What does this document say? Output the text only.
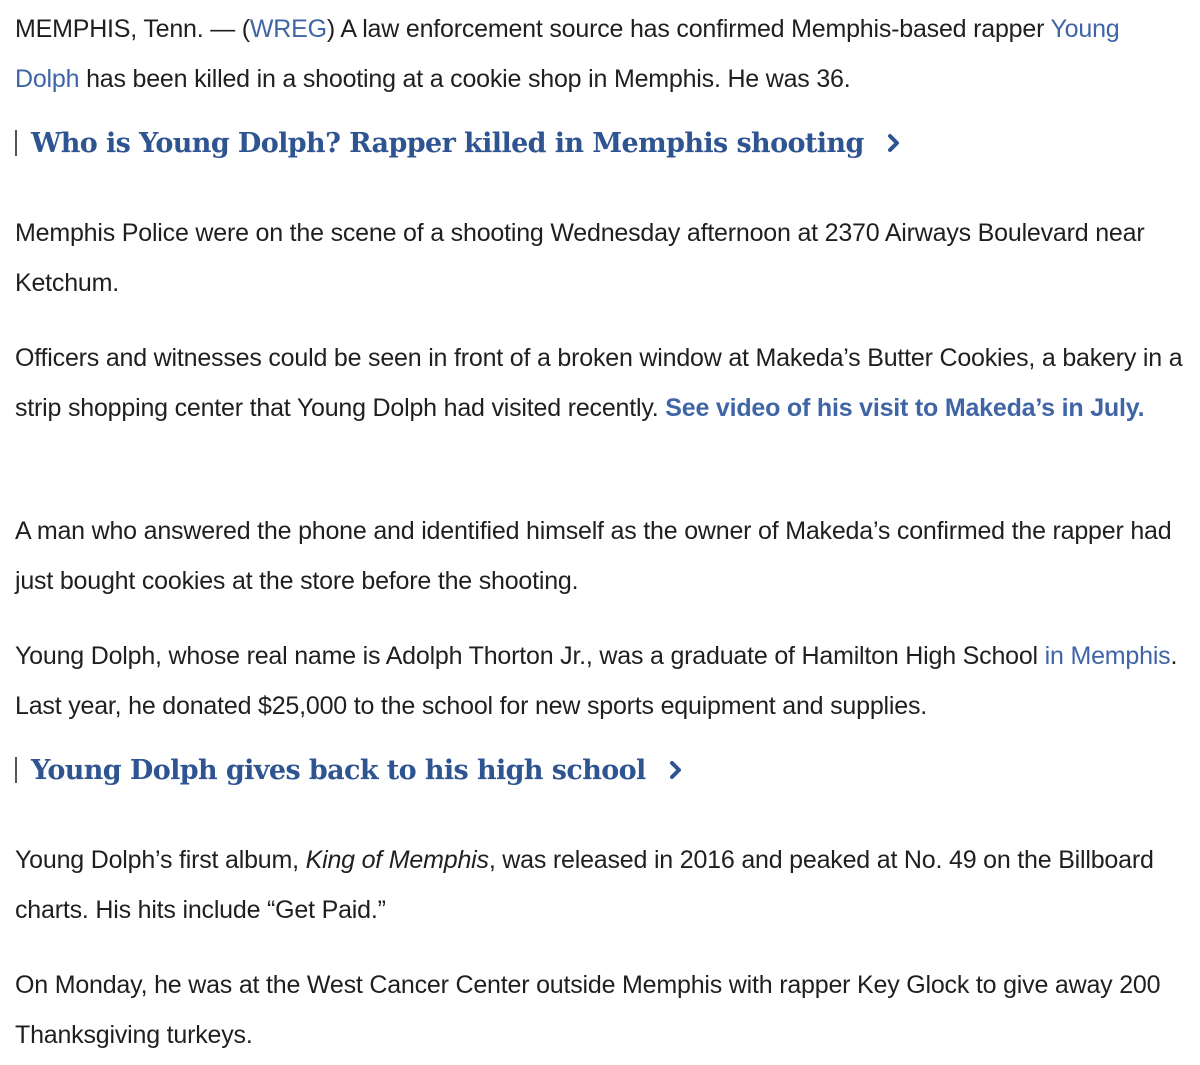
MEMPHIS, Tenn. — (WREG) A law enforcement source has confirmed Memphis-based rapper Young Dolph has been killed in a shooting at a cookie shop in Memphis. He was 36.

Who is Young Dolph? Rapper killed in Memphis shooting

Memphis Police were on the scene of a shooting Wednesday afternoon at 2370 Airways Boulevard near Ketchum.

Officers and witnesses could be seen in front of a broken window at Makeda’s Butter Cookies, a bakery in a strip shopping center that Young Dolph had visited recently. See video of his visit to Makeda’s in July.

A man who answered the phone and identified himself as the owner of Makeda’s confirmed the rapper had just bought cookies at the store before the shooting.

Young Dolph, whose real name is Adolph Thorton Jr., was a graduate of Hamilton High School in Memphis. Last year, he donated $25,000 to the school for new sports equipment and supplies.

Young Dolph gives back to his high school

Young Dolph’s first album, King of Memphis, was released in 2016 and peaked at No. 49 on the Billboard charts. His hits include “Get Paid.”

On Monday, he was at the West Cancer Center outside Memphis with rapper Key Glock to give away 200 Thanksgiving turkeys.
